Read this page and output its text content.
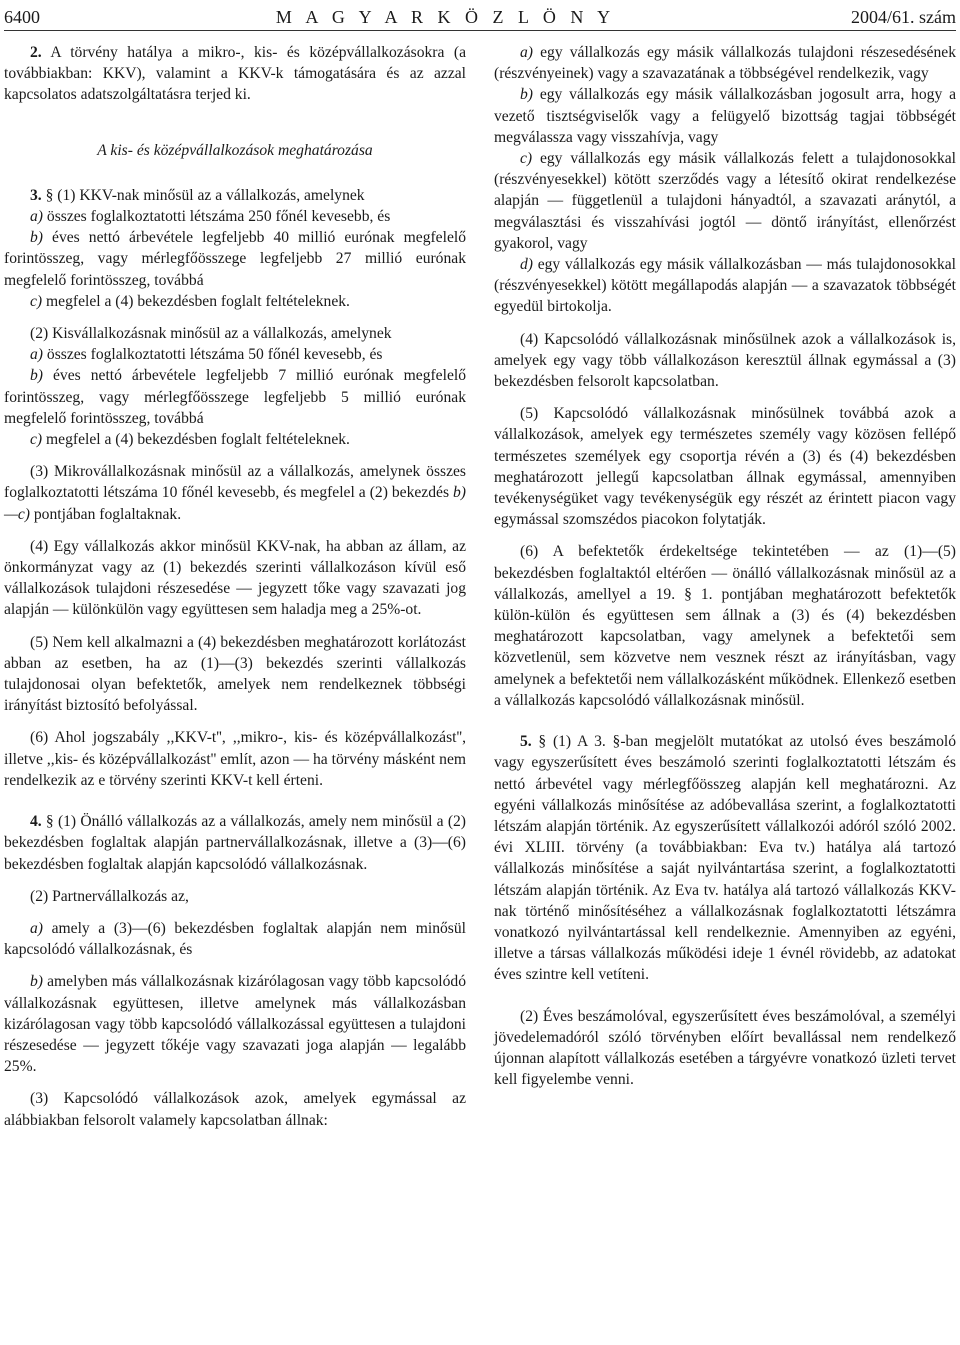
6400	M A G Y A R K Ö Z L Ö N Y	2004/61. szám

2. A törvény hatálya a mikro-, kis- és középvállalkozásokra (a továbbiakban: KKV), valamint a KKV-k támogatására és az azzal kapcsolatos adatszolgáltatásra terjed ki.

A kis- és középvállalkozások meghatározása

3. § (1) KKV-nak minősül az a vállalkozás, amelynek

a) összes foglalkoztatotti létszáma 250 főnél kevesebb, és

b) éves nettó árbevétele legfeljebb 40 millió eurónak megfelelő forintösszeg, vagy mérlegfőösszege legfeljebb 27 millió eurónak megfelelő forintösszeg, továbbá

c) megfelel a (4) bekezdésben foglalt feltételeknek.

(2) Kisvállalkozásnak minősül az a vállalkozás, amelynek

a) összes foglalkoztatotti létszáma 50 főnél kevesebb, és

b) éves nettó árbevétele legfeljebb 7 millió eurónak megfelelő forintösszeg, vagy mérlegfőösszege legfeljebb 5 millió eurónak megfelelő forintösszeg, továbbá

c) megfelel a (4) bekezdésben foglalt feltételeknek.

(3) Mikrovállalkozásnak minősül az a vállalkozás, amelynek összes foglalkoztatotti létszáma 10 főnél kevesebb, és megfelel a (2) bekezdés b)—c) pontjában foglaltaknak.

(4) Egy vállalkozás akkor minősül KKV-nak, ha abban az állam, az önkormányzat vagy az (1) bekezdés szerinti vállalkozáson kívül eső vállalkozások tulajdoni részesedése — jegyzett tőke vagy szavazati jog alapján — különkülön vagy együttesen sem haladja meg a 25%-ot.

(5) Nem kell alkalmazni a (4) bekezdésben meghatározott korlátozást abban az esetben, ha az (1)—(3) bekezdés szerinti vállalkozás tulajdonosai olyan befektetők, amelyek nem rendelkeznek többségi irányítást biztosító befolyással.

(6) Ahol jogszabály ,,KKV-t'', ,,mikro-, kis- és középvállalkozást'', illetve ,,kis- és középvállalkozást'' említ, azon — ha törvény másként nem rendelkezik az e törvény szerinti KKV-t kell érteni.

4. § (1) Önálló vállalkozás az a vállalkozás, amely nem minősül a (2) bekezdésben foglaltak alapján partnervállalkozásnak, illetve a (3)—(6) bekezdésben foglaltak alapján kapcsolódó vállalkozásnak.

(2) Partnervállalkozás az,

a) amely a (3)—(6) bekezdésben foglaltak alapján nem minősül kapcsolódó vállalkozásnak, és

b) amelyben más vállalkozásnak kizárólagosan vagy több kapcsolódó vállalkozásnak együttesen, illetve amelynek más vállalkozásban kizárólagosan vagy több kapcsolódó vállalkozással együttesen a tulajdoni részesedése — jegyzett tőkéje vagy szavazati joga alapján — legalább 25%.

(3) Kapcsolódó vállalkozások azok, amelyek egymással az alábbiakban felsorolt valamely kapcsolatban állnak:

a) egy vállalkozás egy másik vállalkozás tulajdoni részesedésének (részvényeinek) vagy a szavazatának a többségével rendelkezik, vagy

b) egy vállalkozás egy másik vállalkozásban jogosult arra, hogy a vezető tisztségviselők vagy a felügyelő bizottság tagjai többségét megválassza vagy visszahívja, vagy

c) egy vállalkozás egy másik vállalkozás felett a tulajdonosokkal (részvényesekkel) kötött szerződés vagy a létesítő okirat rendelkezése alapján — függetlenül a tulajdoni hányadtól, a szavazati aránytól, a megválasztási és visszahívási jogtól — döntő irányítást, ellenőrzést gyakorol, vagy

d) egy vállalkozás egy másik vállalkozásban — más tulajdonosokkal (részvényesekkel) kötött megállapodás alapján — a szavazatok többségét egyedül birtokolja.

(4) Kapcsolódó vállalkozásnak minősülnek azok a vállalkozások is, amelyek egy vagy több vállalkozáson keresztül állnak egymással a (3) bekezdésben felsorolt kapcsolatban.

(5) Kapcsolódó vállalkozásnak minősülnek továbbá azok a vállalkozások, amelyek egy természetes személy vagy közösen fellépő természetes személyek egy csoportja révén a (3) és (4) bekezdésben meghatározott jellegű kapcsolatban állnak egymással, amennyiben tevékenységüket vagy tevékenységük egy részét az érintett piacon vagy egymással szomszédos piacokon folytatják.

(6) A befektetők érdekeltsége tekintetében — az (1)—(5) bekezdésben foglaltaktól eltérően — önálló vállalkozásnak minősül az a vállalkozás, amellyel a 19. § 1. pontjában meghatározott befektetők külön-külön és együttesen sem állnak a (3) és (4) bekezdésben meghatározott kapcsolatban, vagy amelynek a befektetői sem közvetlenül, sem közvetve nem vesznek részt az irányításban, vagy amelynek a befektetői nem vállalkozásként működnek. Ellenkező esetben a vállalkozás kapcsolódó vállalkozásnak minősül.

5. § (1) A 3. §-ban megjelölt mutatókat az utolsó éves beszámoló vagy egyszerűsített éves beszámoló szerinti foglalkoztatotti létszám és nettó árbevétel vagy mérlegfőösszeg alapján kell meghatározni. Az egyéni vállalkozás minősítése az adóbevallása szerint, a foglalkoztatotti létszám alapján történik. Az egyszerűsített vállalkozói adóról szóló 2002. évi XLIII. törvény (a továbbiakban: Eva tv.) hatálya alá tartozó vállalkozás minősítése a saját nyilvántartása szerint, a foglalkoztatotti létszám alapján történik. Az Eva tv. hatálya alá tartozó vállalkozás KKV-nak történő minősítéséhez a vállalkozásnak foglalkoztatotti létszámra vonatkozó nyilvántartással kell rendelkeznie. Amennyiben az egyéni, illetve a társas vállalkozás működési ideje 1 évnél rövidebb, az adatokat éves szintre kell vetíteni.

(2) Éves beszámolóval, egyszerűsített éves beszámolóval, a személyi jövedelemadóról szóló törvényben előírt bevallással nem rendelkező újonnan alapított vállalkozás esetében a tárgyévre vonatkozó üzleti tervet kell figyelembe venni.
